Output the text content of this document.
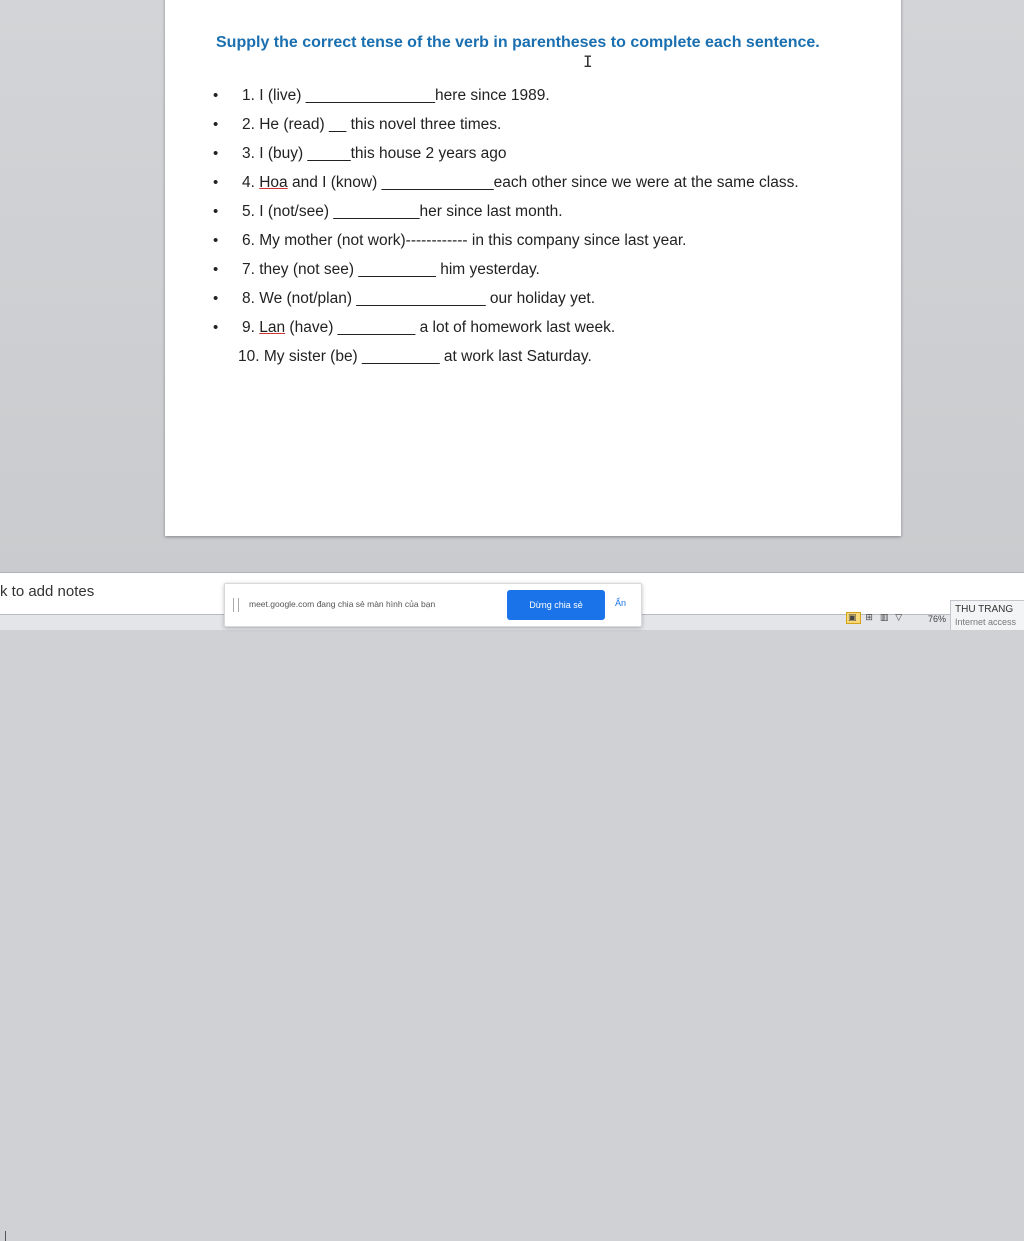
Supply the correct tense of the verb in parentheses to complete each sentence.
I
• 1. I (live) _______________here since 1989.
• 2. He (read) __ this novel three times.
• 3. I (buy) _____this house 2 years ago
• 4. Hoa and I (know) _____________each other since we were at the same class.
• 5. I (not/see) __________her since last month.
• 6. My mother (not work)------------ in this company since last year.
• 7. they (not see) _________ him yesterday.
• 8. We (not/plan) _______________ our holiday yet.
• 9. Lan (have) _________ a lot of homework last week.
10. My sister (be) _________ at work last Saturday.
k to add notes
meet.google.com đang chia sẻ màn hình của bạn	Dừng chia sẻ	Ẩn
▣ ⊞ ▥ ▽	76%
THU TRANG
Internet access
